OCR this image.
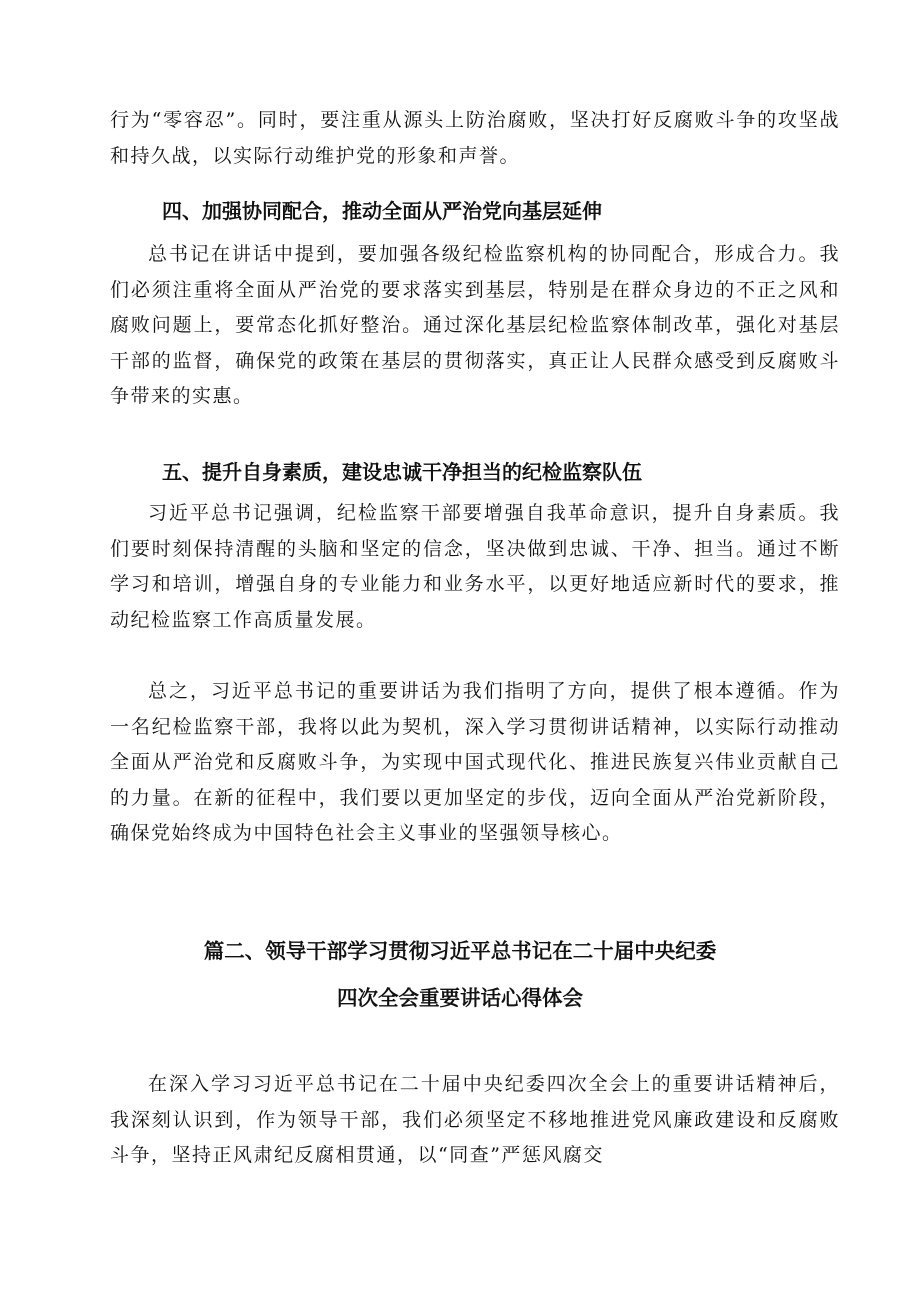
行为“零容忍”。同时，要注重从源头上防治腐败，坚决打好反腐败斗争的攻坚战和持久战，以实际行动维护党的形象和声誉。

四、加强协同配合，推动全面从严治党向基层延伸

总书记在讲话中提到，要加强各级纪检监察机构的协同配合，形成合力。我们必须注重将全面从严治党的要求落实到基层，特别是在群众身边的不正之风和腐败问题上，要常态化抓好整治。通过深化基层纪检监察体制改革，强化对基层干部的监督，确保党的政策在基层的贯彻落实，真正让人民群众感受到反腐败斗争带来的实惠。

五、提升自身素质，建设忠诚干净担当的纪检监察队伍

习近平总书记强调，纪检监察干部要增强自我革命意识，提升自身素质。我们要时刻保持清醒的头脑和坚定的信念，坚决做到忠诚、干净、担当。通过不断学习和培训，增强自身的专业能力和业务水平，以更好地适应新时代的要求，推动纪检监察工作高质量发展。

总之，习近平总书记的重要讲话为我们指明了方向，提供了根本遵循。作为一名纪检监察干部，我将以此为契机，深入学习贯彻讲话精神，以实际行动推动全面从严治党和反腐败斗争，为实现中国式现代化、推进民族复兴伟业贡献自己的力量。在新的征程中，我们要以更加坚定的步伐，迈向全面从严治党新阶段，确保党始终成为中国特色社会主义事业的坚强领导核心。

篇二、领导干部学习贯彻习近平总书记在二十届中央纪委
四次全会重要讲话心得体会

在深入学习习近平总书记在二十届中央纪委四次全会上的重要讲话精神后，我深刻认识到，作为领导干部，我们必须坚定不移地推进党风廉政建设和反腐败斗争，坚持正风肃纪反腐相贯通，以“同查”严惩风腐交
